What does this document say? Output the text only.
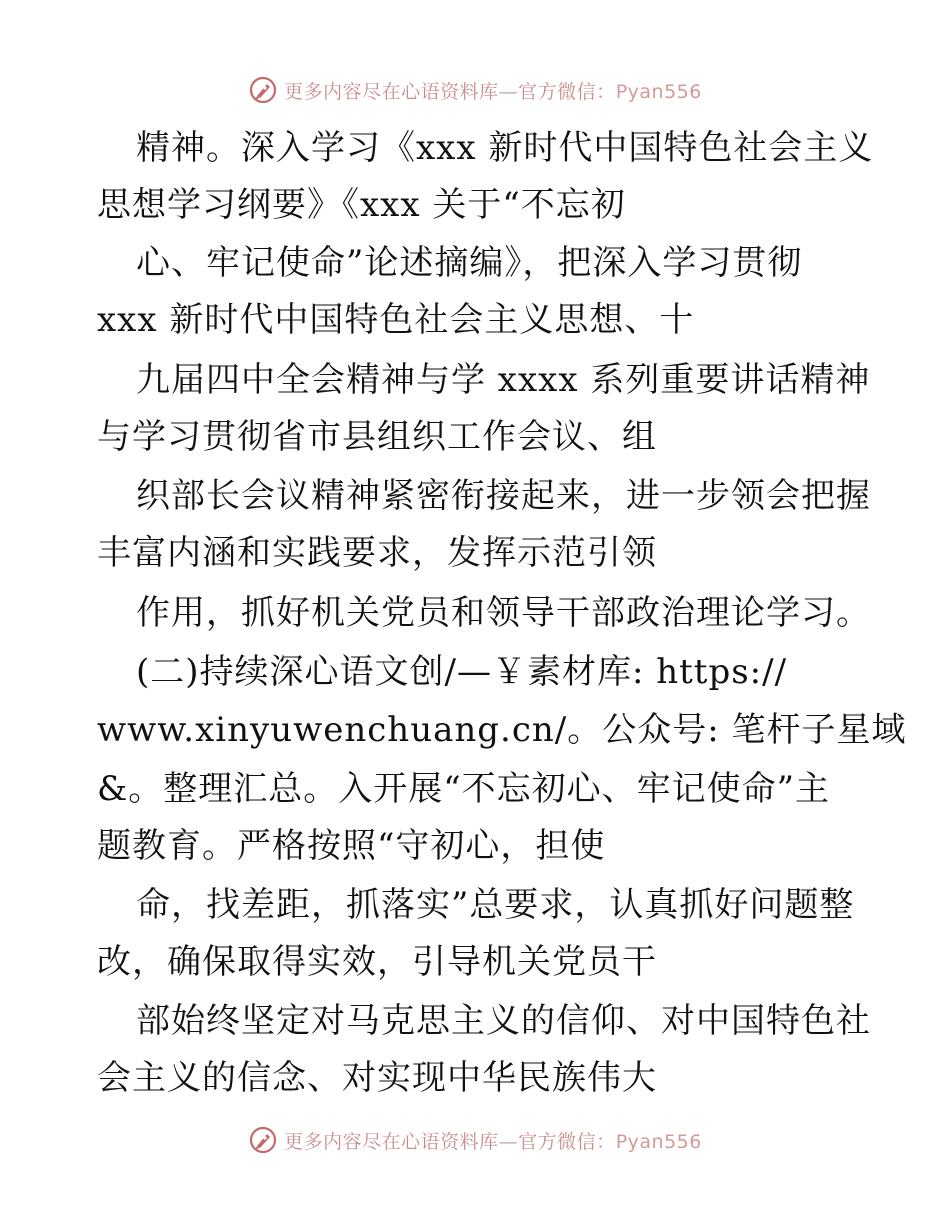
更多内容尽在心语资料库—官方微信：Pyan556
精神。深入学习《xxx 新时代中国特色社会主义
思想学习纲要》《xxx 关于“不忘初
心、牢记使命”论述摘编》，把深入学习贯彻
xxx 新时代中国特色社会主义思想、十
九届四中全会精神与学 xxxx 系列重要讲话精神
与学习贯彻省市县组织工作会议、组
织部长会议精神紧密衔接起来，进一步领会把握
丰富内涵和实践要求，发挥示范引领
作用，抓好机关党员和领导干部政治理论学习。
(二)持续深心语文创/—￥素材库: https://
www.xinyuwenchuang.cn/。公众号: 笔杆子星域
&。整理汇总。入开展“不忘初心、牢记使命”主
题教育。严格按照“守初心，担使
命，找差距，抓落实”总要求，认真抓好问题整
改，确保取得实效，引导机关党员干
部始终坚定对马克思主义的信仰、对中国特色社
会主义的信念、对实现中华民族伟大
更多内容尽在心语资料库—官方微信：Pyan556
